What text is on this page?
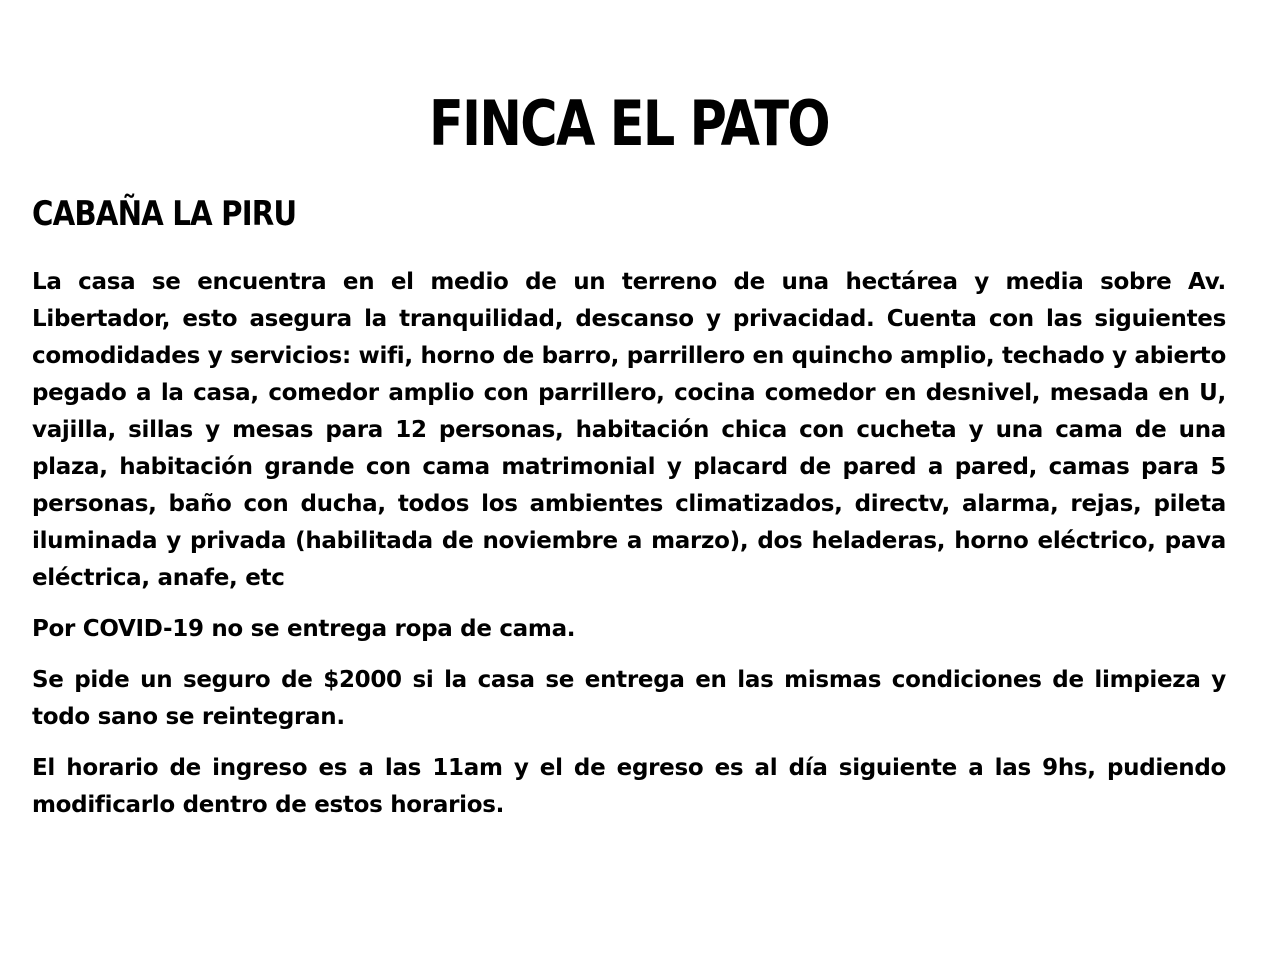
FINCA EL PATO
CABAÑA LA PIRU

La casa se encuentra en el medio de un terreno de una hectárea y media sobre Av. Libertador, esto asegura la tranquilidad, descanso y privacidad. Cuenta con las siguientes comodidades y servicios: wifi, horno de barro, parrillero en quincho amplio, techado y abierto pegado a la casa, comedor amplio con parrillero, cocina comedor en desnivel, mesada en U, vajilla, sillas y mesas para 12 personas, habitación chica con cucheta y una cama de una plaza, habitación grande con cama matrimonial y placard de pared a pared, camas para 5 personas, baño con ducha, todos los ambientes climatizados, directv, alarma, rejas, pileta iluminada y privada (habilitada de noviembre a marzo), dos heladeras, horno eléctrico, pava eléctrica, anafe, etc

Por COVID-19 no se entrega ropa de cama.

Se pide un seguro de $2000 si la casa se entrega en las mismas condiciones de limpieza y todo sano se reintegran.

El horario de ingreso es a las 11am y el de egreso es al día siguiente a las 9hs, pudiendo modificarlo dentro de estos horarios.
